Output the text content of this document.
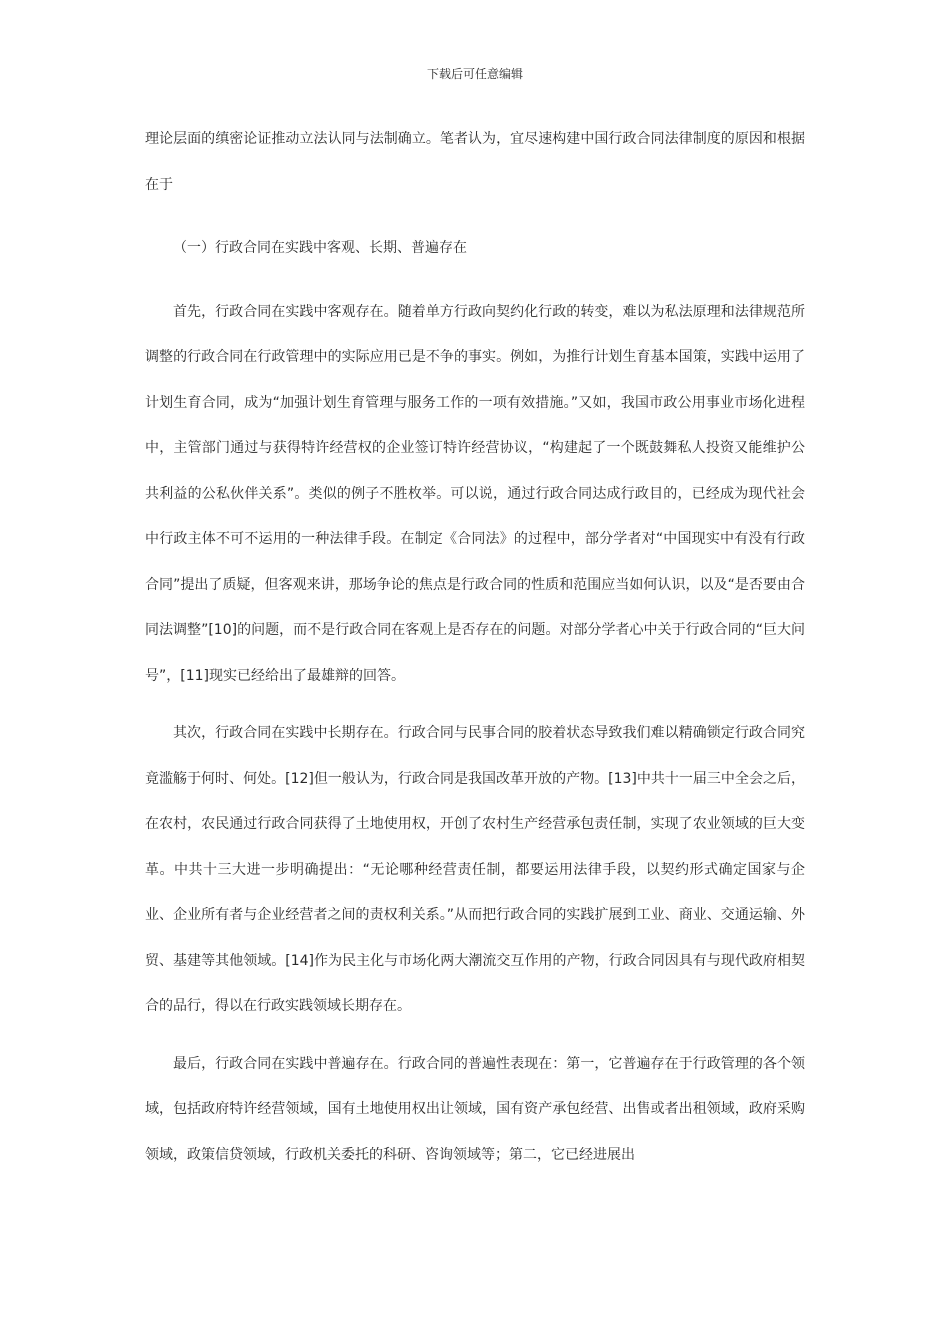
下载后可任意编辑

理论层面的缜密论证推动立法认同与法制确立。笔者认为，宜尽速构建中国行政合同法律制度的原因和根据在于

（一）行政合同在实践中客观、长期、普遍存在

首先，行政合同在实践中客观存在。随着单方行政向契约化行政的转变，难以为私法原理和法律规范所调整的行政合同在行政管理中的实际应用已是不争的事实。例如，为推行计划生育基本国策，实践中运用了计划生育合同，成为“加强计划生育管理与服务工作的一项有效措施。”又如，我国市政公用事业市场化进程中，主管部门通过与获得特许经营权的企业签订特许经营协议，“构建起了一个既鼓舞私人投资又能维护公共利益的公私伙伴关系”。类似的例子不胜枚举。可以说，通过行政合同达成行政目的，已经成为现代社会中行政主体不可不运用的一种法律手段。在制定《合同法》的过程中，部分学者对“中国现实中有没有行政合同”提出了质疑，但客观来讲，那场争论的焦点是行政合同的性质和范围应当如何认识，以及“是否要由合同法调整”[10]的问题，而不是行政合同在客观上是否存在的问题。对部分学者心中关于行政合同的“巨大问号”，[11]现实已经给出了最雄辩的回答。

其次，行政合同在实践中长期存在。行政合同与民事合同的胶着状态导致我们难以精确锁定行政合同究竟滥觞于何时、何处。[12]但一般认为，行政合同是我国改革开放的产物。[13]中共十一届三中全会之后，在农村，农民通过行政合同获得了土地使用权，开创了农村生产经营承包责任制，实现了农业领域的巨大变革。中共十三大进一步明确提出：“无论哪种经营责任制，都要运用法律手段，以契约形式确定国家与企业、企业所有者与企业经营者之间的责权利关系。”从而把行政合同的实践扩展到工业、商业、交通运输、外贸、基建等其他领域。[14]作为民主化与市场化两大潮流交互作用的产物，行政合同因具有与现代政府相契合的品行，得以在行政实践领域长期存在。

最后，行政合同在实践中普遍存在。行政合同的普遍性表现在：第一，它普遍存在于行政管理的各个领域，包括政府特许经营领域，国有土地使用权出让领域，国有资产承包经营、出售或者出租领域，政府采购领域，政策信贷领域，行政机关委托的科研、咨询领域等；第二，它已经进展出
